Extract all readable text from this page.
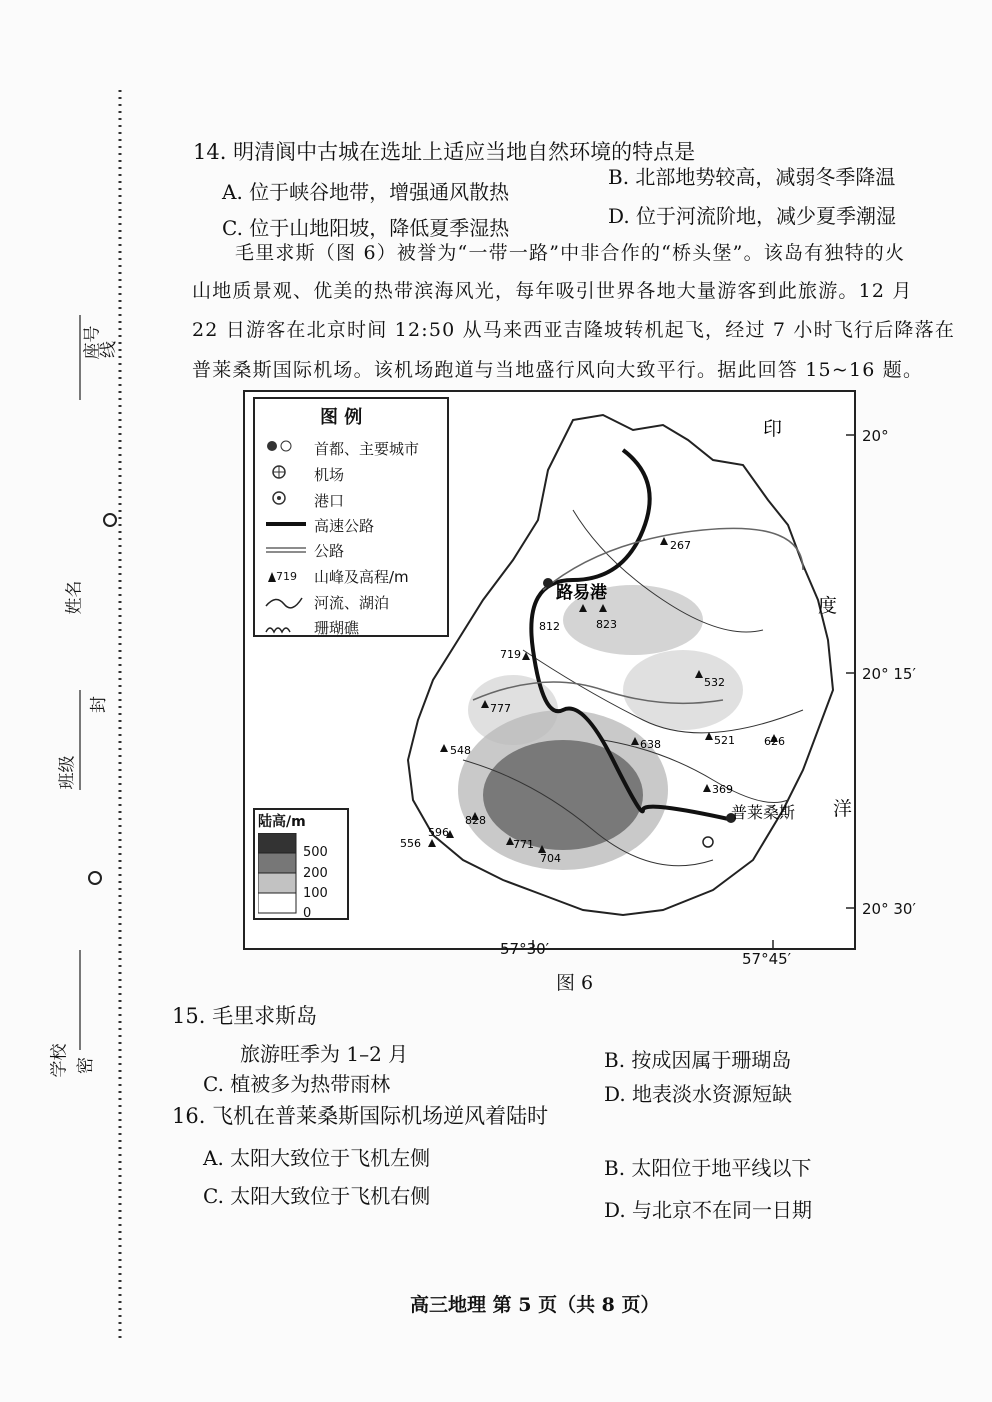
座号
线
姓名
封
班级
学校 密
14. 明清阆中古城在选址上适应当地自然环境的特点是
A. 位于峡谷地带，增强通风散热
B. 北部地势较高，减弱冬季降温
C. 位于山地阳坡，降低夏季湿热	D. 位于河流阶地，减少夏季潮湿
毛里求斯（图 6）被誉为“一带一路”中非合作的“桥头堡”。该岛有独特的火
山地质景观、优美的热带滨海风光，每年吸引世界各地大量游客到此旅游。12 月
22 日游客在北京时间 12:50 从马来西亚吉隆坡转机起飞，经过 7 小时飞行后降落在
普莱桑斯国际机场。该机场跑道与当地盛行风向大致平行。据此回答 15~16 题。
267
812	823
719
532
777
638	521	626
548
369
828
596
556	771
704
路易港
普莱桑斯
印
度
洋
图 例
719
首都、主要城市
机场
港口
高速公路
公路
山峰及高程/m
河流、湖泊
珊瑚礁
陆高/m
500
200
100
0
20°
20° 15′
20° 30′
57°30′
57°45′
图 6
15. 毛里求斯岛
旅游旺季为 1–2 月	B. 按成因属于珊瑚岛
C. 植被多为热带雨林	D. 地表淡水资源短缺
16. 飞机在普莱桑斯国际机场逆风着陆时
A. 太阳大致位于飞机左侧	B. 太阳位于地平线以下
C. 太阳大致位于飞机右侧
D. 与北京不在同一日期
高三地理 第 5 页（共 8 页）
